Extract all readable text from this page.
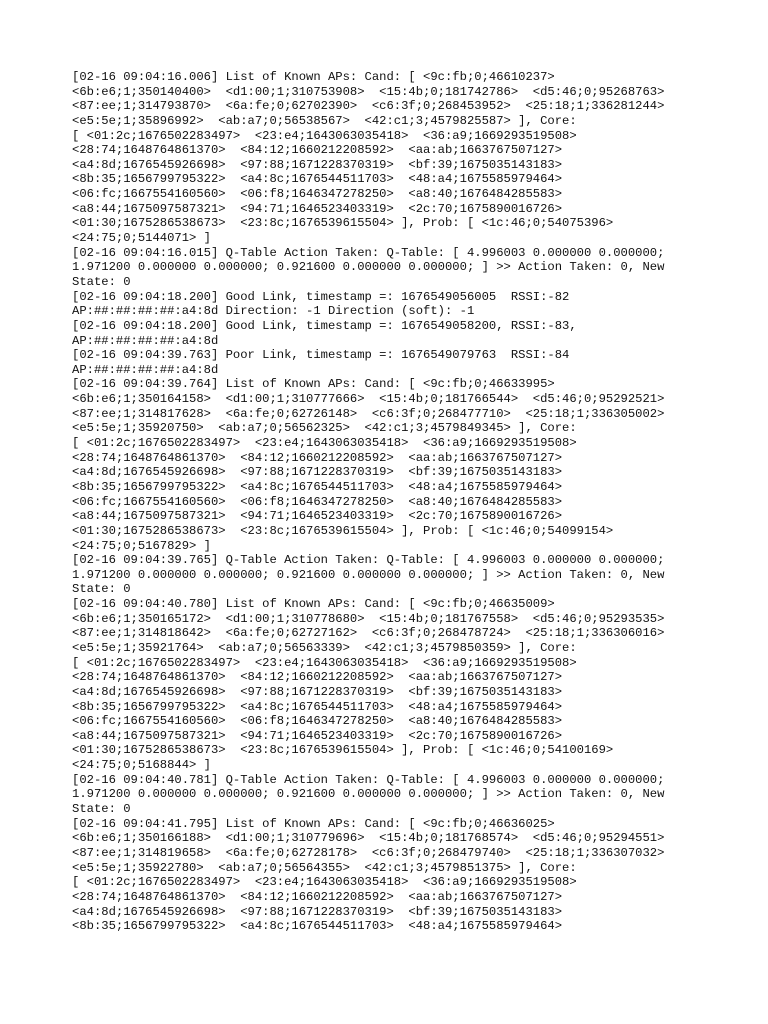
[02-16 09:04:16.006] List of Known APs: Cand: [ <9c:fb;0;46610237>
<6b:e6;1;350140400>  <d1:00;1;310753908>  <15:4b;0;181742786>  <d5:46;0;95268763>
<87:ee;1;314793870>  <6a:fe;0;62702390>  <c6:3f;0;268453952>  <25:18;1;336281244>
<e5:5e;1;35896992>  <ab:a7;0;56538567>  <42:c1;3;4579825587> ], Core:
[ <01:2c;1676502283497>  <23:e4;1643063035418>  <36:a9;1669293519508>
<28:74;1648764861370>  <84:12;1660212208592>  <aa:ab;1663767507127>
<a4:8d;1676545926698>  <97:88;1671228370319>  <bf:39;1675035143183>
<8b:35;1656799795322>  <a4:8c;1676544511703>  <48:a4;1675585979464>
<06:fc;1667554160560>  <06:f8;1646347278250>  <a8:40;1676484285583>
<a8:44;1675097587321>  <94:71;1646523403319>  <2c:70;1675890016726>
<01:30;1675286538673>  <23:8c;1676539615504> ], Prob: [ <1c:46;0;54075396>
<24:75;0;5144071> ]
[02-16 09:04:16.015] Q-Table Action Taken: Q-Table: [ 4.996003 0.000000 0.000000;
1.971200 0.000000 0.000000; 0.921600 0.000000 0.000000; ] >> Action Taken: 0, New
State: 0
[02-16 09:04:18.200] Good Link, timestamp =: 1676549056005  RSSI:-82
AP:##:##:##:##:a4:8d Direction: -1 Direction (soft): -1
[02-16 09:04:18.200] Good Link, timestamp =: 1676549058200, RSSI:-83,
AP:##:##:##:##:a4:8d
[02-16 09:04:39.763] Poor Link, timestamp =: 1676549079763  RSSI:-84
AP:##:##:##:##:a4:8d
[02-16 09:04:39.764] List of Known APs: Cand: [ <9c:fb;0;46633995>
<6b:e6;1;350164158>  <d1:00;1;310777666>  <15:4b;0;181766544>  <d5:46;0;95292521>
<87:ee;1;314817628>  <6a:fe;0;62726148>  <c6:3f;0;268477710>  <25:18;1;336305002>
<e5:5e;1;35920750>  <ab:a7;0;56562325>  <42:c1;3;4579849345> ], Core:
[ <01:2c;1676502283497>  <23:e4;1643063035418>  <36:a9;1669293519508>
<28:74;1648764861370>  <84:12;1660212208592>  <aa:ab;1663767507127>
<a4:8d;1676545926698>  <97:88;1671228370319>  <bf:39;1675035143183>
<8b:35;1656799795322>  <a4:8c;1676544511703>  <48:a4;1675585979464>
<06:fc;1667554160560>  <06:f8;1646347278250>  <a8:40;1676484285583>
<a8:44;1675097587321>  <94:71;1646523403319>  <2c:70;1675890016726>
<01:30;1675286538673>  <23:8c;1676539615504> ], Prob: [ <1c:46;0;54099154>
<24:75;0;5167829> ]
[02-16 09:04:39.765] Q-Table Action Taken: Q-Table: [ 4.996003 0.000000 0.000000;
1.971200 0.000000 0.000000; 0.921600 0.000000 0.000000; ] >> Action Taken: 0, New
State: 0
[02-16 09:04:40.780] List of Known APs: Cand: [ <9c:fb;0;46635009>
<6b:e6;1;350165172>  <d1:00;1;310778680>  <15:4b;0;181767558>  <d5:46;0;95293535>
<87:ee;1;314818642>  <6a:fe;0;62727162>  <c6:3f;0;268478724>  <25:18;1;336306016>
<e5:5e;1;35921764>  <ab:a7;0;56563339>  <42:c1;3;4579850359> ], Core:
[ <01:2c;1676502283497>  <23:e4;1643063035418>  <36:a9;1669293519508>
<28:74;1648764861370>  <84:12;1660212208592>  <aa:ab;1663767507127>
<a4:8d;1676545926698>  <97:88;1671228370319>  <bf:39;1675035143183>
<8b:35;1656799795322>  <a4:8c;1676544511703>  <48:a4;1675585979464>
<06:fc;1667554160560>  <06:f8;1646347278250>  <a8:40;1676484285583>
<a8:44;1675097587321>  <94:71;1646523403319>  <2c:70;1675890016726>
<01:30;1675286538673>  <23:8c;1676539615504> ], Prob: [ <1c:46;0;54100169>
<24:75;0;5168844> ]
[02-16 09:04:40.781] Q-Table Action Taken: Q-Table: [ 4.996003 0.000000 0.000000;
1.971200 0.000000 0.000000; 0.921600 0.000000 0.000000; ] >> Action Taken: 0, New
State: 0
[02-16 09:04:41.795] List of Known APs: Cand: [ <9c:fb;0;46636025>
<6b:e6;1;350166188>  <d1:00;1;310779696>  <15:4b;0;181768574>  <d5:46;0;95294551>
<87:ee;1;314819658>  <6a:fe;0;62728178>  <c6:3f;0;268479740>  <25:18;1;336307032>
<e5:5e;1;35922780>  <ab:a7;0;56564355>  <42:c1;3;4579851375> ], Core:
[ <01:2c;1676502283497>  <23:e4;1643063035418>  <36:a9;1669293519508>
<28:74;1648764861370>  <84:12;1660212208592>  <aa:ab;1663767507127>
<a4:8d;1676545926698>  <97:88;1671228370319>  <bf:39;1675035143183>
<8b:35;1656799795322>  <a4:8c;1676544511703>  <48:a4;1675585979464>
